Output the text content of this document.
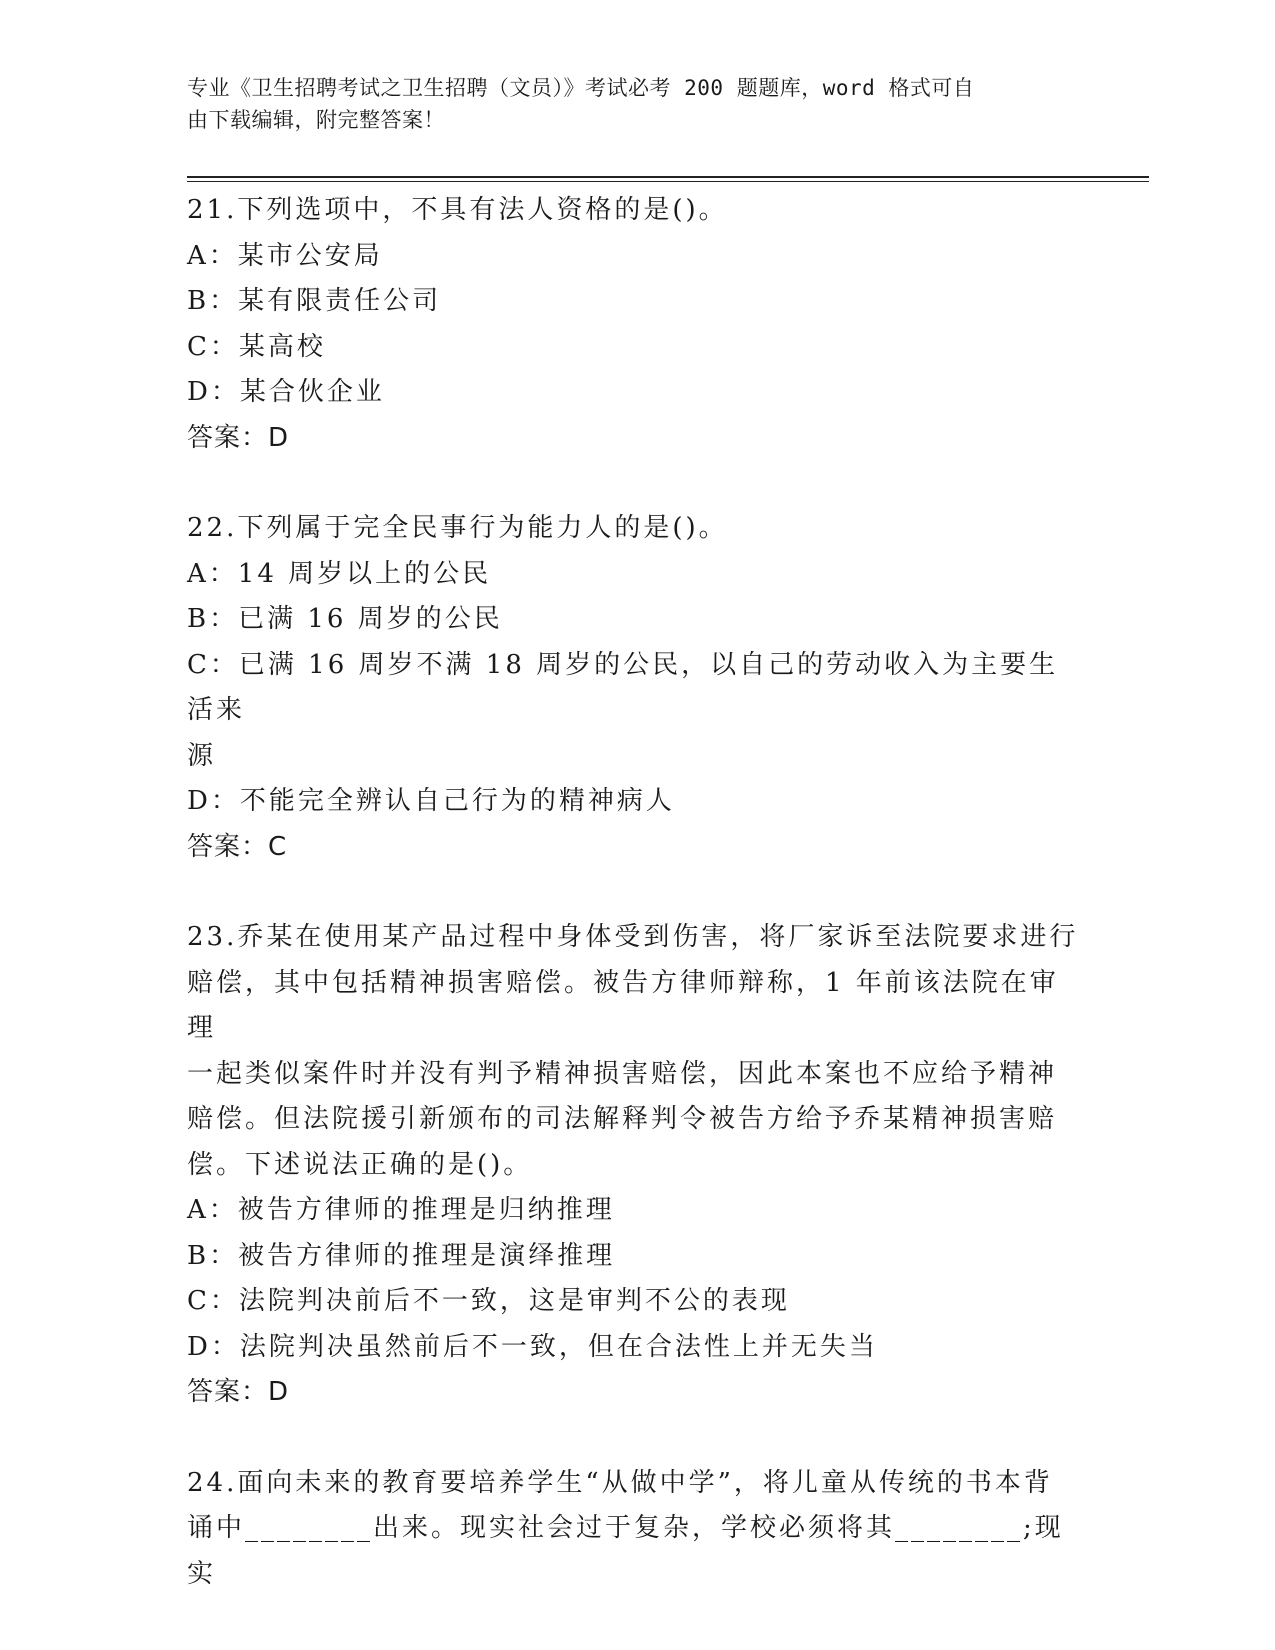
专业《卫生招聘考试之卫生招聘（文员）》考试必考 200 题题库，word 格式可自
由下载编辑，附完整答案！

21.下列选项中，不具有法人资格的是()。

A：某市公安局

B：某有限责任公司

C：某高校

D：某合伙企业

答案：D

22.下列属于完全民事行为能力人的是()。

A：14 周岁以上的公民

B：已满 16 周岁的公民

C：已满 16 周岁不满 18 周岁的公民，以自己的劳动收入为主要生活来

源

D：不能完全辨认自己行为的精神病人

答案：C

23.乔某在使用某产品过程中身体受到伤害，将厂家诉至法院要求进行

赔偿，其中包括精神损害赔偿。被告方律师辩称，1 年前该法院在审理

一起类似案件时并没有判予精神损害赔偿，因此本案也不应给予精神

赔偿。但法院援引新颁布的司法解释判令被告方给予乔某精神损害赔

偿。下述说法正确的是()。

A：被告方律师的推理是归纳推理

B：被告方律师的推理是演绎推理

C：法院判决前后不一致，这是审判不公的表现

D：法院判决虽然前后不一致，但在合法性上并无失当

答案：D

24.面向未来的教育要培养学生“从做中学”，将儿童从传统的书本背

诵中________出来。现实社会过于复杂，学校必须将其________;现实
